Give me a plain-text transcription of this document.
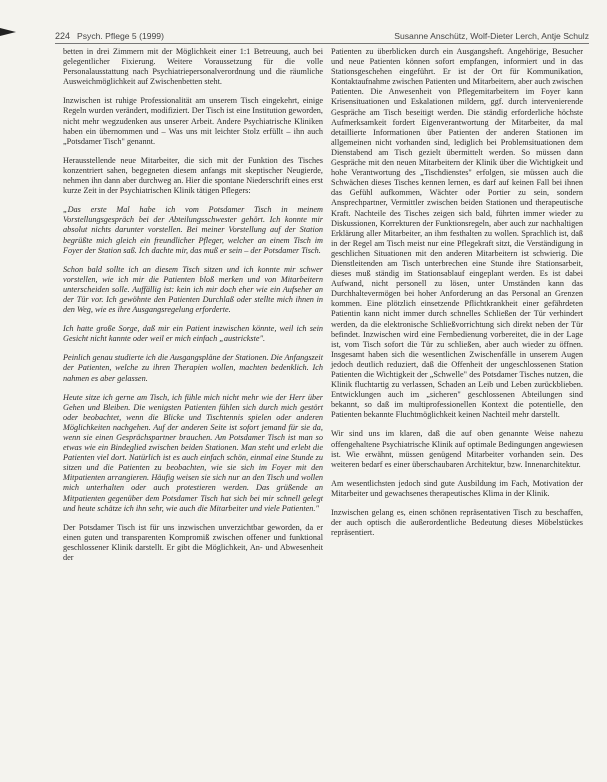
224 Psych. Pflege 5 (1999)	Susanne Anschütz, Wolf-Dieter Lerch, Antje Schulz

betten in drei Zimmern mit der Möglichkeit einer 1:1 Betreuung, auch bei gelegentlicher Fixierung. Weitere Voraussetzung für die volle Personalausstattung nach Psychiatriepersonalverordnung und die räumliche Ausweichmöglichkeit auf Zwischenbetten steht.

Inzwischen ist ruhige Professionalität am unserem Tisch eingekehrt, einige Regeln wurden verändert, modifiziert. Der Tisch ist eine Institution geworden, nicht mehr wegzudenken aus unserer Arbeit. Andere Psychiatrische Kliniken haben ein übernommen und – Was uns mit leichter Stolz erfüllt – ihn auch „Potsdamer Tisch" genannt.

Herausstellende neue Mitarbeiter, die sich mit der Funktion des Tisches konzentriert sahen, begegneten diesem anfangs mit skeptischer Neugierde, nehmen ihn dann aber durchweg an. Hier die spontane Niederschrift eines erst kurze Zeit in der Psychiatrischen Klinik tätigen Pflegers:

„Das erste Mal habe ich vom Potsdamer Tisch in meinem Vorstellungsgespräch bei der Abteilungsschwester gehört. Ich konnte mir absolut nichts darunter vorstellen. Bei meiner Vorstellung auf der Station begrüßte mich gleich ein freundlicher Pfleger, welcher an einem Tisch im Foyer der Station saß. Ich dachte mir, das muß er sein – der Potsdamer Tisch.

Schon bald sollte ich an diesem Tisch sitzen und ich konnte mir schwer vorstellen, wie ich mir die Patienten bloß merken und von Mitarbeitern unterscheiden solle. Auffällig ist: kein ich mir doch eher wie ein Aufseher an der Tür vor. Ich gewöhnte den Patienten Durchlaß oder stellte mich ihnen in den Weg, wie es ihre Ausgangsregelung erforderte.

Ich hatte große Sorge, daß mir ein Patient inzwischen könnte, weil ich sein Gesicht nicht kannte oder weil er mich einfach „austrickste".

Peinlich genau studierte ich die Ausgangspläne der Stationen. Die Anfangszeit der Patienten, welche zu ihren Therapien wollen, machten bedenklich. Ich nahmen es aber gelassen.

Heute sitze ich gerne am Tisch, ich fühle mich nicht mehr wie der Herr über Gehen und Bleiben. Die wenigsten Patienten fühlen sich durch mich gestört oder beobachtet, wenn die Blicke und Tischtennis spielen oder anderen Möglichkeiten nachgehen. Auf der anderen Seite ist sofort jemand für sie da, wenn sie einen Gesprächspartner brauchen. Am Potsdamer Tisch ist man so etwas wie ein Bindeglied zwischen beiden Stationen. Man steht und erlebt die Patienten viel dort. Natürlich ist es auch einfach schön, einmal eine Stunde zu sitzen und die Patienten zu beobachten, wie sie sich im Foyer mit den Mitpatienten arrangieren. Häufig weisen sie sich nur an den Tisch und wollen mich unterhalten oder auch protestieren werden. Das grüßende an Mitpatienten gegenüber dem Potsdamer Tisch hat sich bei mir schnell gelegt und heute schätze ich ihn sehr, wie auch die Mitarbeiter und viele Patienten."

Der Potsdamer Tisch ist für uns inzwischen unverzichtbar geworden, da er einen guten und transparenten Kompromiß zwischen offener und funktional geschlossener Klinik darstellt. Er gibt die Möglichkeit, An- und Abwesenheit der

Patienten zu überblicken durch ein Ausgangsheft. Angehörige, Besucher und neue Patienten können sofort empfangen, informiert und in das Stationsgeschehen eingeführt. Er ist der Ort für Kommunikation, Kontaktaufnahme zwischen Patienten und Mitarbeitern, aber auch zwischen Patienten. Die Anwesenheit von Pflegemitarbeitern im Foyer kann Krisensituationen und Eskalationen mildern, ggf. durch intervenierende Gespräche am Tisch beseitigt werden. Die ständig erforderliche höchste Aufmerksamkeit fordert Eigenverantwortung der Mitarbeiter, da mal detaillierte Informationen über Patienten der anderen Stationen im allgemeinen nicht vorhanden sind, lediglich bei Problemsituationen dem Dienstabend am Tisch gezielt übermittelt werden. So müssen dann Gespräche mit den neuen Mitarbeitern der Klinik über die Wichtigkeit und hohe Verantwortung des „Tischdienstes" erfolgen, sie müssen auch die Schwächen dieses Tisches kennen lernen, es darf auf keinen Fall bei ihnen das Gefühl aufkommen, Wächter oder Portier zu sein, sondern Ansprechpartner, Vermittler zwischen beiden Stationen und therapeutische Kraft. Nachteile des Tisches zeigen sich bald, führten immer wieder zu Diskussionen, Korrekturen der Funktionsregeln, aber auch zur nachhaltigen Erklärung aller Mitarbeiter, an ihm festhalten zu wollen. Sprachlich ist, daß in der Regel am Tisch meist nur eine Pflegekraft sitzt, die Verständigung in geschlichen Situationen mit den anderen Mitarbeitern ist schwierig. Die Dienstleitenden am Tisch unterbrechen eine Stunde ihre Stationsarbeit, dieses muß ständig im Stationsablauf eingeplant werden. Es ist dabei Aufwand, nicht personell zu lösen, unter Umständen kann das Durchhaltevermögen bei hoher Anforderung an das Personal an Grenzen kommen. Eine plötzlich einsetzende Pflichtkrankheit einer gefährdeten Patientin kann nicht immer durch schnelles Schließen der Tür verhindert werden, da die elektronische Schließvorrichtung sich direkt neben der Tür befindet. Inzwischen wird eine Fernbedienung vorbereitet, die in der Lage ist, vom Tisch sofort die Tür zu schließen, aber auch wieder zu öffnen. Insgesamt haben sich die wesentlichen Zwischenfälle in unserem Augen jedoch deutlich reduziert, daß die Offenheit der ungeschlossenen Station Patienten die Wichtigkeit der „Schwelle" des Potsdamer Tisches nutzen, die Klinik fluchtartig zu verlassen, Schaden an Leib und Leben zurückblieben. Entwicklungen auch im „sicheren" geschlossenen Abteilungen sind bekannt, so daß im multiprofessionellen Kontext die potentielle, den Patienten bekannte Fluchtmöglichkeit keinen Nachteil mehr darstellt.

Wir sind uns im klaren, daß die auf oben genannte Weise nahezu offengehaltene Psychiatrische Klinik auf optimale Bedingungen angewiesen ist. Wie erwähnt, müssen genügend Mitarbeiter vorhanden sein. Des weiteren bedarf es einer überschaubaren Architektur, bzw. Innenarchitektur.

Am wesentlichsten jedoch sind gute Ausbildung im Fach, Motivation der Mitarbeiter und gewachsenes therapeutisches Klima in der Klinik.

Inzwischen gelang es, einen schönen repräsentativen Tisch zu beschaffen, der auch optisch die außerordentliche Bedeutung dieses Möbelstückes repräsentiert.
